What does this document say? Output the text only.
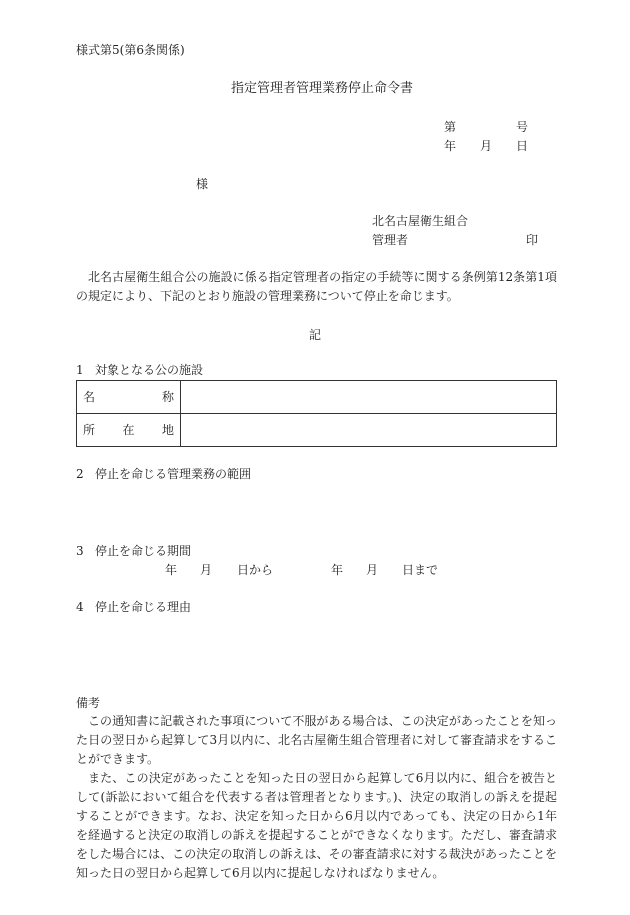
様式第5(第6条関係)
指定管理者管理業務停止命令書
第	号
年 月 日
様
北名古屋衛生組合
管理者	印

北名古屋衛生組合公の施設に係る指定管理者の指定の手続等に関する条例第12条第1項の規定により、下記のとおり施設の管理業務について停止を命じます。

記
1 対象となる公の施設
名 称	

所 在 地	

2 停止を命じる管理業務の範囲
3 停止を命じる期間
年 月 日から	年 月 日まで
4 停止を命じる理由
備考

この通知書に記載された事項について不服がある場合は、この決定があったことを知った日の翌日から起算して3月以内に、北名古屋衛生組合管理者に対して審査請求をすることができます。

また、この決定があったことを知った日の翌日から起算して6月以内に、組合を被告として(訴訟において組合を代表する者は管理者となります。)、決定の取消しの訴えを提起することができます。なお、決定を知った日から6月以内であっても、決定の日から1年を経過すると決定の取消しの訴えを提起することができなくなります。ただし、審査請求をした場合には、この決定の取消しの訴えは、その審査請求に対する裁決があったことを知った日の翌日から起算して6月以内に提起しなければなりません。
